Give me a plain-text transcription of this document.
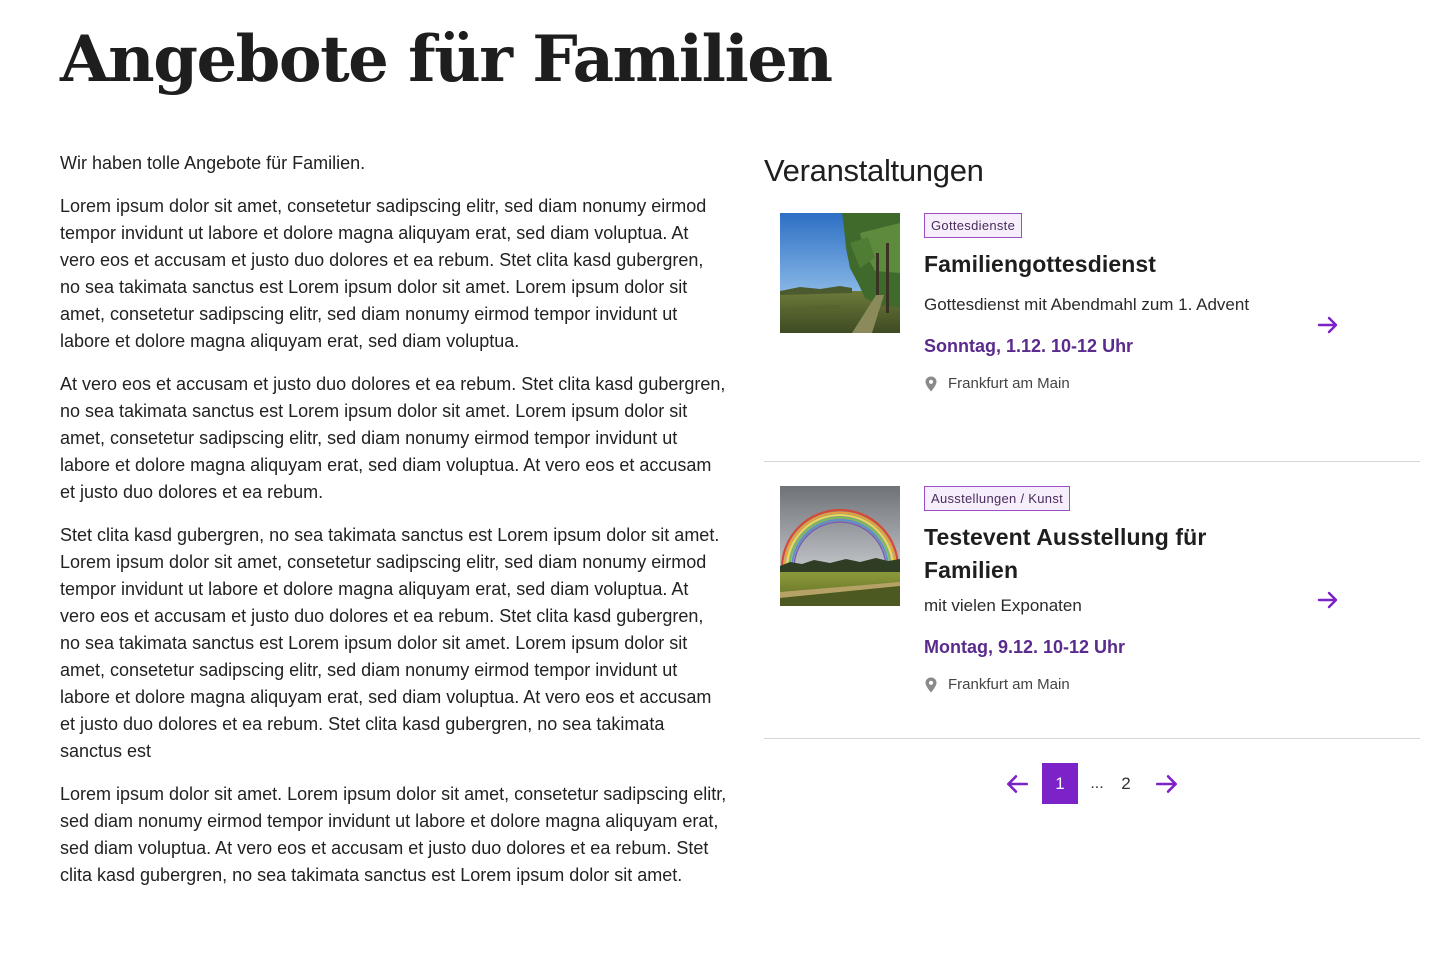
Angebote für Familien

Wir haben tolle Angebote für Familien.

Lorem ipsum dolor sit amet, consetetur sadipscing elitr, sed diam nonumy eirmod tempor invidunt ut labore et dolore magna aliquyam erat, sed diam voluptua. At vero eos et accusam et justo duo dolores et ea rebum. Stet clita kasd gubergren, no sea takimata sanctus est Lorem ipsum dolor sit amet. Lorem ipsum dolor sit amet, consetetur sadipscing elitr, sed diam nonumy eirmod tempor invidunt ut labore et dolore magna aliquyam erat, sed diam voluptua.

At vero eos et accusam et justo duo dolores et ea rebum. Stet clita kasd gubergren, no sea takimata sanctus est Lorem ipsum dolor sit amet. Lorem ipsum dolor sit amet, consetetur sadipscing elitr, sed diam nonumy eirmod tempor invidunt ut labore et dolore magna aliquyam erat, sed diam voluptua. At vero eos et accusam et justo duo dolores et ea rebum.

Stet clita kasd gubergren, no sea takimata sanctus est Lorem ipsum dolor sit amet. Lorem ipsum dolor sit amet, consetetur sadipscing elitr, sed diam nonumy eirmod tempor invidunt ut labore et dolore magna aliquyam erat, sed diam voluptua. At vero eos et accusam et justo duo dolores et ea rebum. Stet clita kasd gubergren, no sea takimata sanctus est Lorem ipsum dolor sit amet. Lorem ipsum dolor sit amet, consetetur sadipscing elitr, sed diam nonumy eirmod tempor invidunt ut labore et dolore magna aliquyam erat, sed diam voluptua. At vero eos et accusam et justo duo dolores et ea rebum. Stet clita kasd gubergren, no sea takimata sanctus est

Lorem ipsum dolor sit amet. Lorem ipsum dolor sit amet, consetetur sadipscing elitr, sed diam nonumy eirmod tempor invidunt ut labore et dolore magna aliquyam erat, sed diam voluptua. At vero eos et accusam et justo duo dolores et ea rebum. Stet clita kasd gubergren, no sea takimata sanctus est Lorem ipsum dolor sit amet.

Veranstaltungen
Gottesdienste
Familiengottesdienst
Gottesdienst mit Abendmahl zum 1. Advent
Sonntag, 1.12. 10-12 Uhr
Frankfurt am Main
Ausstellungen / Kunst
Testevent Ausstellung für Familien
mit vielen Exponaten
Montag, 9.12. 10-12 Uhr
Frankfurt am Main
1	...	2
